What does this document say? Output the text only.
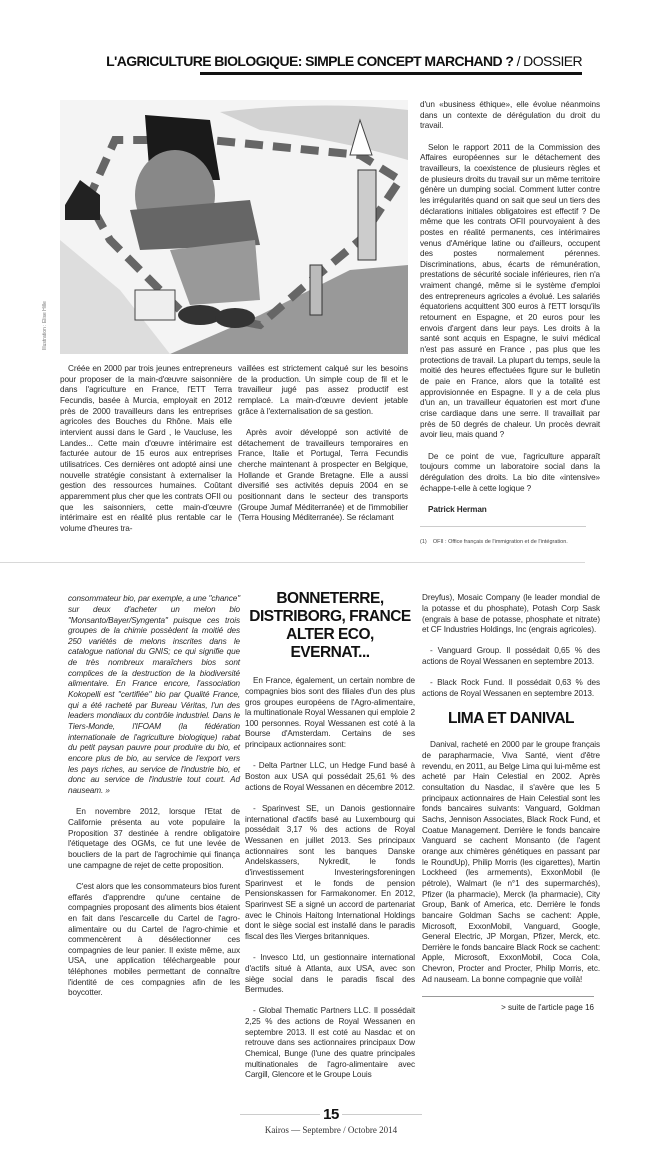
L'AGRICULTURE BIOLOGIQUE: SIMPLE CONCEPT MARCHAND ? / DOSSIER
Illustration : Elise Hille

Créée en 2000 par trois jeunes entrepreneurs pour proposer de la main-d'œuvre saisonnière dans l'agriculture en France, l'ETT Terra Fecundis, basée à Murcia, employait en 2012 près de 2000 travailleurs dans les entreprises agricoles des Bouches du Rhône. Mais elle intervient aussi dans le Gard , le Vaucluse, les Landes... Cette main d'œuvre intérimaire est facturée autour de 15 euros aux entreprises utilisatrices. Ces dernières ont adopté ainsi une nouvelle stratégie consistant à externaliser la gestion des ressources humaines. Coûtant apparemment plus cher que les contrats OFII ou que les saisonniers, cette main-d'œuvre intérimaire est en réalité plus rentable car le volume d'heures tra-

vaillées est strictement calqué sur les besoins de la production. Un simple coup de fil et le travailleur jugé pas assez productif est remplacé. La main-d'œuvre devient jetable grâce à l'externalisation de sa gestion.

Après avoir développé son activité de détachement de travailleurs temporaires en France, Italie et Portugal, Terra Fecundis cherche maintenant à prospecter en Belgique, Hollande et Grande Bretagne. Elle a aussi diversifié ses activités depuis 2004 en se positionnant dans le secteur des transports (Groupe Jumaf Méditerranée) et de l'immobilier (Terra Housing Méditerranée). Se réclamant

d'un «business éthique», elle évolue néanmoins dans un contexte de dérégulation du droit du travail.

Selon le rapport 2011 de la Commission des Affaires européennes sur le détachement des travailleurs, la coexistence de plusieurs règles et de plusieurs droits du travail sur un même territoire génère un dumping social. Comment lutter contre les irrégularités quand on sait que seul un tiers des déclarations initiales obligatoires est effectif ? De même que les contrats OFII pourvoyaient à des postes en réalité permanents, ces intérimaires venus d'Amérique latine ou d'ailleurs, occupent des postes normalement pérennes. Discriminations, abus, écarts de rémunération, prestations de sécurité sociale inférieures, rien n'a vraiment changé, même si le système d'emploi des entrepreneurs agricoles a évolué. Les salariés équatoriens acquittent 300 euros à l'ETT lorsqu'ils retournent en Espagne, et 20 euros pour les envois d'argent dans leur pays. Les droits à la santé sont acquis en Espagne, le suivi médical n'est pas assuré en France , pas plus que les protections de travail. La plupart du temps, seule la moitié des heures effectuées figure sur le bulletin de paie en France, alors que la totalité est approvisionnée en Espagne. Il y a de cela plus d'un an, un travailleur équatorien est mort d'une crise cardiaque dans une serre. Il travaillait par près de 50 degrés de chaleur. Un procès devrait avoir lieu, mais quand ?

De ce point de vue, l'agriculture apparaît toujours comme un laboratoire social dans la dérégulation des droits. La bio dite «intensive» échappe-t-elle à cette logique ?

Patrick Herman

(1)    OFII : Office français de l'immigration et de l'intégration.

consommateur bio, par exemple, a une "chance" sur deux d'acheter un melon bio "Monsanto/Bayer/Syngenta" puisque ces trois groupes de la chimie possèdent la moitié des 250 variétés de melons inscrites dans le catalogue national du GNIS; ce qui signifie que de très nombreux maraîchers bios sont complices de la destruction de la biodiversité alimentaire. En France encore, l'association Kokopelli est "certifiée" bio par Qualité France, qui a été racheté par Bureau Véritas, l'un des leaders mondiaux du contrôle industriel. Dans le Tiers-Monde, l'IFOAM (la fédération internationale de l'agriculture biologique) rabat du petit paysan pauvre pour produire du bio, et encore plus de bio, au service de l'export vers les pays riches, au service de l'industrie bio, et donc au service de l'industrie tout court. Ad nauseam. »

En novembre 2012, lorsque l'Etat de Californie présenta au vote populaire la Proposition 37 destinée à rendre obligatoire l'étiquetage des OGMs, ce fut une levée de boucliers de la part de l'agrochimie qui finança une campagne de rejet de cette proposition.

C'est alors que les consommateurs bios furent effarés d'apprendre qu'une centaine de compagnies proposant des aliments bios étaient en fait dans l'escarcelle du Cartel de l'agro-alimentaire ou du Cartel de l'agro-chimie et commencèrent à désélectionner ces compagnies de leur panier. Il existe même, aux USA, une application téléchargeable pour téléphones mobiles permettant de connaître l'identité de ces compagnies afin de les boycotter.

BONNETERRE, DISTRIBORG, FRANCE ALTER ECO, EVERNAT...

En France, également, un certain nombre de compagnies bios sont des filiales d'un des plus gros groupes européens de l'Agro-alimentaire, la multinationale Royal Wessanen qui emploie 2 100 personnes. Royal Wessanen est coté à la Bourse d'Amsterdam. Certains de ses principaux actionnaires sont:

- Delta Partner LLC, un Hedge Fund basé à Boston aux USA qui possédait 25,61 % des actions de Royal Wessanen en décembre 2012.

- Sparinvest SE, un Danois gestionnaire international d'actifs basé au Luxembourg qui possédait 3,17 % des actions de Royal Wessanen en juillet 2013. Ses principaux actionnaires sont les banques Danske Andelskassers, Nykredit, le fonds d'investissement Investeringsforeningen Sparinvest et le fonds de pension Pensionskassen for Farmakonomer. En 2012, Sparinvest SE a signé un accord de partenariat avec le Chinois Haitong International Holdings dont le siège social est installé dans le paradis fiscal des îles Vierges britanniques.

- Invesco Ltd, un gestionnaire international d'actifs situé à Atlanta, aux USA, avec son siège social dans le paradis fiscal des Bermudes.

- Global Thematic Partners LLC. Il possédait 2,25 % des actions de Royal Wessanen en septembre 2013. Il est coté au Nasdac et on retrouve dans ses actionnaires principaux Dow Chemical, Bunge (l'une des quatre principales multinationales de l'agro-alimentaire avec Cargill, Glencore et le Groupe Louis

Dreyfus), Mosaic Company (le leader mondial de la potasse et du phosphate), Potash Corp Sask (engrais à base de potasse, phosphate et nitrate) et CF Industries Holdings, Inc (engrais agricoles).

- Vanguard Group. Il possédait 0,65 % des actions de Royal Wessanen en septembre 2013.

- Black Rock Fund. Il possédait 0,63 % des actions de Royal Wessanen en septembre 2013.

LIMA ET DANIVAL

Danival, racheté en 2000 par le groupe français de parapharmacie, Viva Santé, vient d'être revendu, en 2011, au Belge Lima qui lui-même est acheté par Hain Celestial en 2002. Après consultation du Nasdac, il s'avère que les 5 principaux actionnaires de Hain Celestial sont les fonds bancaires suivants: Vanguard, Goldman Sachs, Jennison Associates, Black Rock Fund, et Coatue Management. Derrière le fonds bancaire Vanguard se cachent Monsanto (de l'agent orange aux chimères génétiques en passant par le RoundUp), Philip Morris (les cigarettes), Martin Lockheed (les armements), ExxonMobil (le pétrole), Walmart (le n°1 des supermarchés), Pfizer (la pharmacie), Merck (la pharmacie), City Group, Bank of America, etc. Derrière le fonds bancaire Goldman Sachs se cachent: Apple, Microsoft, ExxonMobil, Vanguard, Google, General Electric, JP Morgan, Pfizer, Merck, etc. Derrière le fonds bancaire Black Rock se cachent: Apple, Microsoft, ExxonMobil, Coca Cola, Chevron, Procter and Procter, Philip Morris, etc. Ad nauseam. La bonne compagnie que voilà!

> suite de l'article page 16
15
Kairos — Septembre / Octobre 2014
